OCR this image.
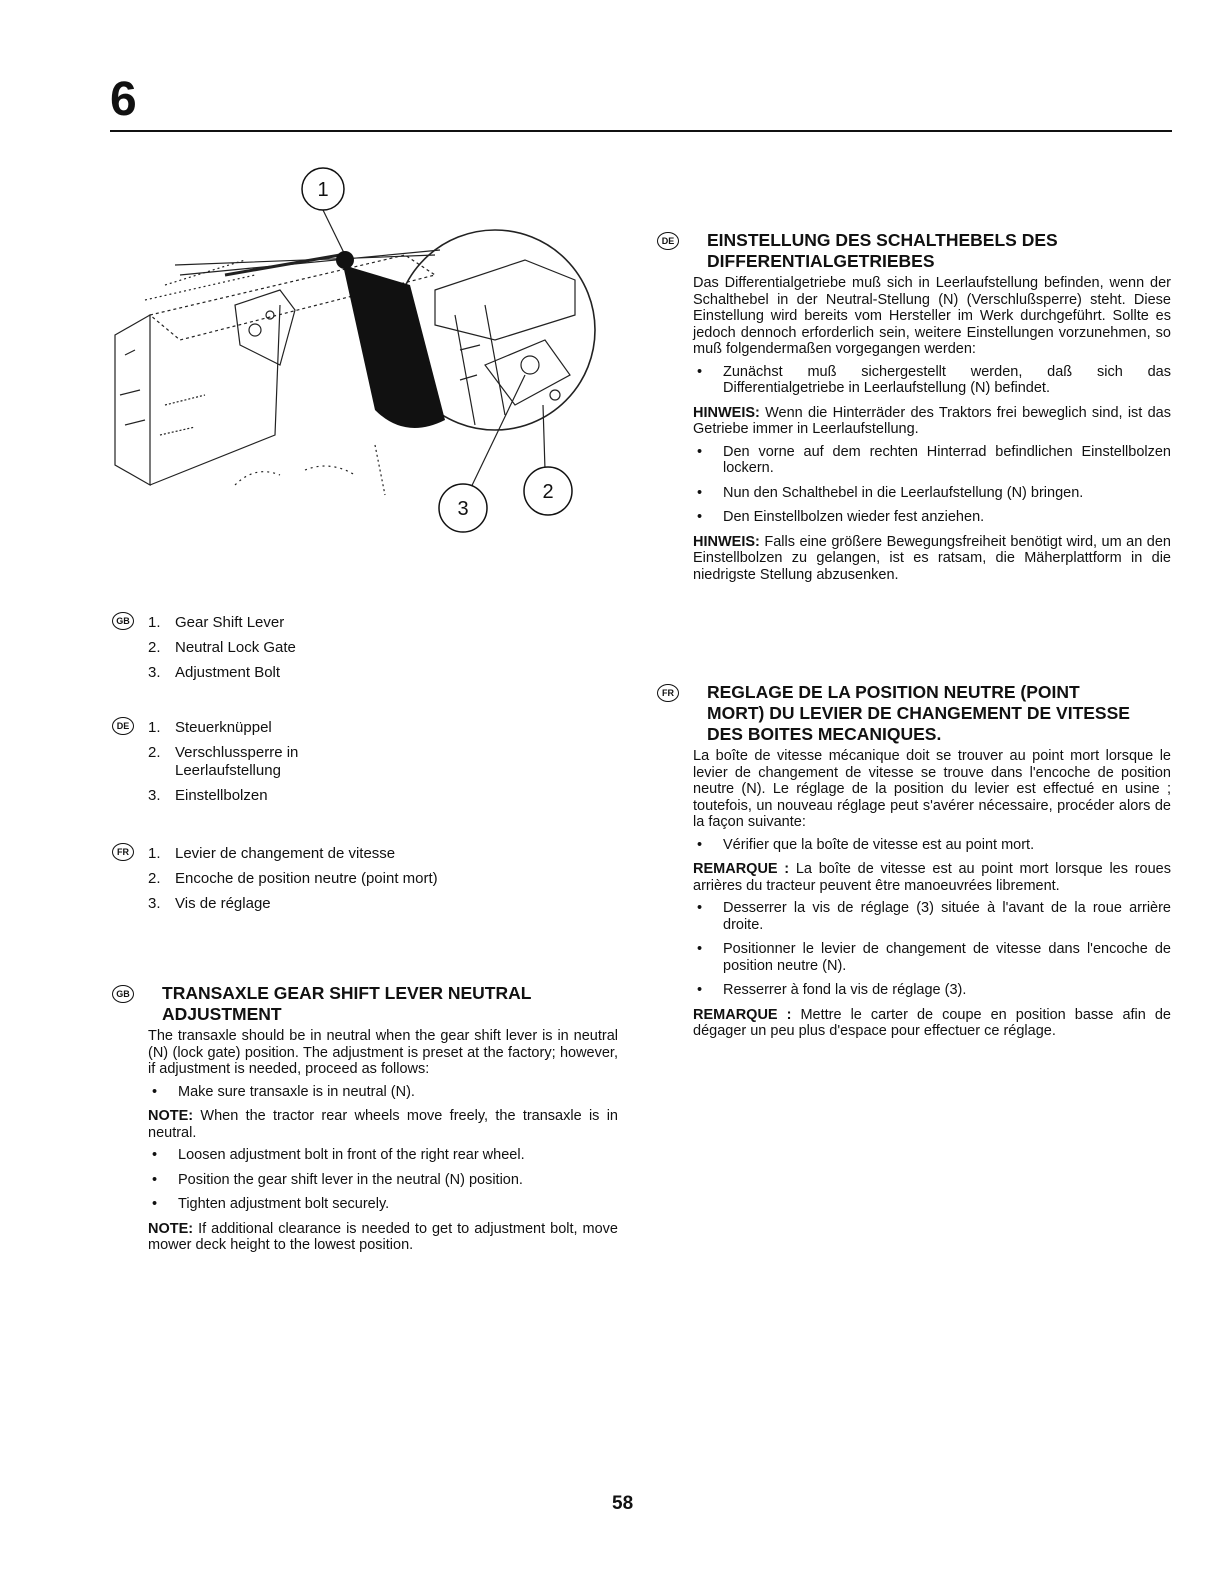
6
1
2
3
GB 1. Gear Shift Lever
2. Neutral Lock Gate
3. Adjustment Bolt
DE	1. Steuerknüppel
2. Verschlussperre in Leerlaufstellung
3. Einstellbolzen
FR	1. Levier de changement de vitesse
2. Encoche de position neutre (point mort)
3. Vis de réglage
GB TRANSAXLE GEAR SHIFT LEVER NEUTRAL ADJUSTMENT

The transaxle should be in neutral when the gear shift lever is in neutral (N) (lock gate) position. The adjustment is preset at the factory; however, if adjustment is needed, proceed as follows:

• Make sure transaxle is in neutral (N).

NOTE: When the tractor rear wheels move freely, the transaxle is in neutral.

• Loosen adjustment bolt in front of the right rear wheel.
• Position the gear shift lever in the neutral (N) position.
• Tighten adjustment bolt securely.

NOTE: If additional clearance is needed to get to adjustment bolt, move mower deck height to the lowest position.

DE EINSTELLUNG DES SCHALTHEBELS DES DIFFERENTIALGETRIEBES

Das Differentialgetriebe muß sich in Leerlaufstellung befinden, wenn der Schalthebel in der Neutral-Stellung (N) (Verschlußsperre) steht. Diese Einstellung wird bereits vom Hersteller im Werk durchgeführt. Sollte es jedoch dennoch erforderlich sein, weitere Einstellungen vorzunehmen, so muß folgendermaßen vorgegangen werden:

• Zunächst muß sichergestellt werden, daß sich das Differentialgetriebe in Leerlaufstellung (N) befindet.

HINWEIS: Wenn die Hinterräder des Traktors frei beweglich sind, ist das Getriebe immer in Leerlaufstellung.

• Den vorne auf dem rechten Hinterrad befindlichen Einstellbolzen lockern.
• Nun den Schalthebel in die Leerlaufstellung (N) bringen.
• Den Einstellbolzen wieder fest anziehen.

HINWEIS: Falls eine größere Bewegungsfreiheit benötigt wird, um an den Einstellbolzen zu gelangen, ist es ratsam, die Mäherplattform in die niedrigste Stellung abzusenken.

FR REGLAGE DE LA POSITION NEUTRE (POINT MORT) DU LEVIER DE CHANGEMENT DE VITESSE DES BOITES MECANIQUES.

La boîte de vitesse mécanique doit se trouver au point mort lorsque le levier de changement de vitesse se trouve dans l'encoche de position neutre (N). Le réglage de la position du levier est effectué en usine ; toutefois, un nouveau réglage peut s'avérer nécessaire, procéder alors de la façon suivante:

• Vérifier que la boîte de vitesse est au point mort.

REMARQUE : La boîte de vitesse est au point mort lorsque les roues arrières du tracteur peuvent être manoeuvrées librement.

• Desserrer la vis de réglage (3) située à l'avant de la roue arrière droite.
• Positionner le levier de changement de vitesse dans l'encoche de position neutre (N).
• Resserrer à fond la vis de réglage (3).

REMARQUE : Mettre le carter de coupe en position basse afin de dégager un peu plus d'espace pour effectuer ce réglage.

58
